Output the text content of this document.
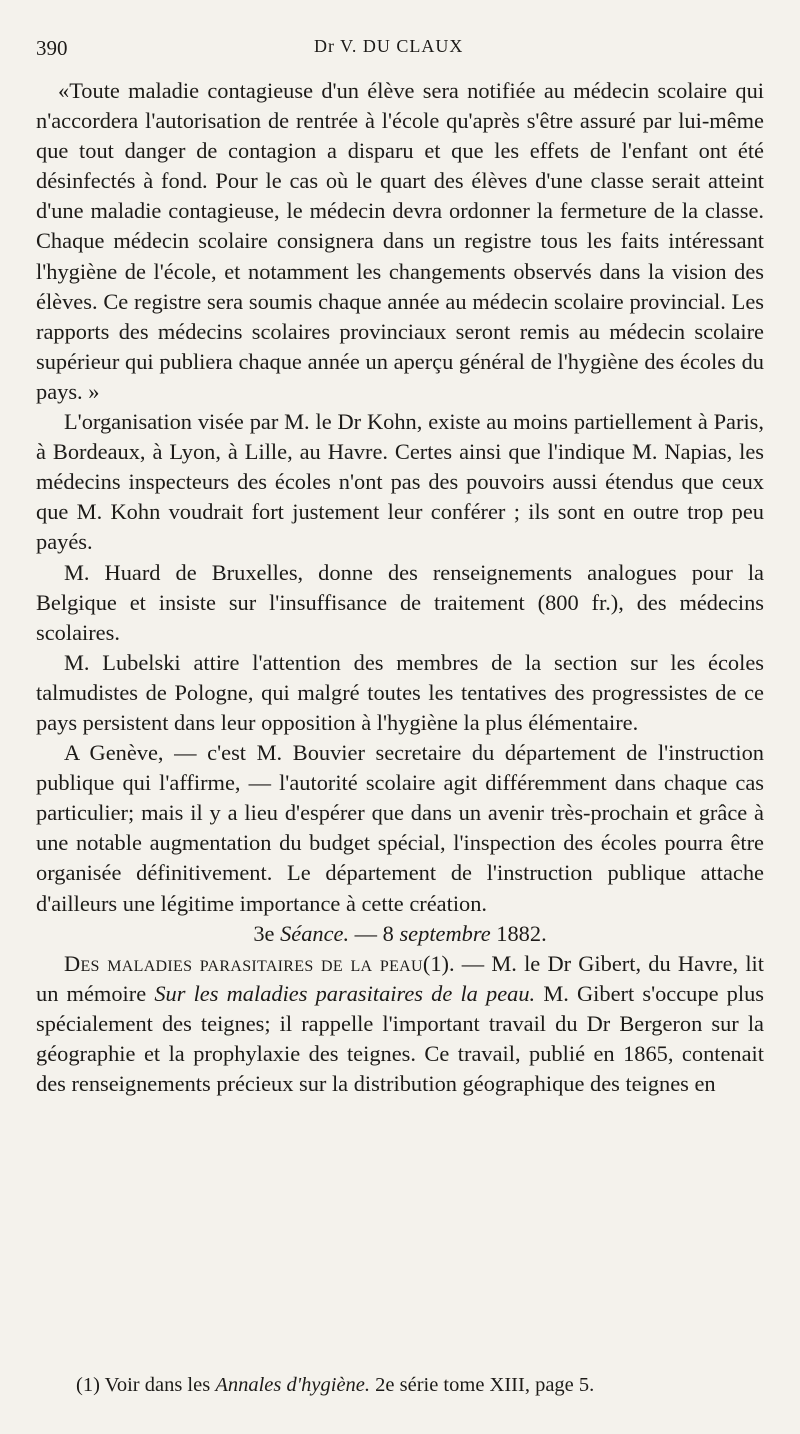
390	Dr V. DU CLAUX

«Toute maladie contagieuse d'un élève sera notifiée au médecin scolaire qui n'accordera l'autorisation de rentrée à l'école qu'après s'être assuré par lui-même que tout danger de contagion a disparu et que les effets de l'enfant ont été désinfectés à fond. Pour le cas où le quart des élèves d'une classe serait atteint d'une maladie contagieuse, le médecin devra ordonner la fermeture de la classe. Chaque médecin scolaire consignera dans un registre tous les faits intéressant l'hygiène de l'école, et notamment les changements observés dans la vision des élèves. Ce registre sera soumis chaque année au médecin scolaire provincial. Les rapports des médecins scolaires provinciaux seront remis au médecin scolaire supérieur qui publiera chaque année un aperçu général de l'hygiène des écoles du pays. »

L'organisation visée par M. le Dr Kohn, existe au moins partiellement à Paris, à Bordeaux, à Lyon, à Lille, au Havre. Certes ainsi que l'indique M. Napias, les médecins inspecteurs des écoles n'ont pas des pouvoirs aussi étendus que ceux que M. Kohn voudrait fort justement leur conférer ; ils sont en outre trop peu payés.

M. Huard de Bruxelles, donne des renseignements analogues pour la Belgique et insiste sur l'insuffisance de traitement (800 fr.), des médecins scolaires.

M. Lubelski attire l'attention des membres de la section sur les écoles talmudistes de Pologne, qui malgré toutes les tentatives des progressistes de ce pays persistent dans leur opposition à l'hygiène la plus élémentaire.

A Genève, — c'est M. Bouvier secretaire du département de l'instruction publique qui l'affirme, — l'autorité scolaire agit différemment dans chaque cas particulier; mais il y a lieu d'espérer que dans un avenir très-prochain et grâce à une notable augmentation du budget spécial, l'inspection des écoles pourra être organisée définitivement. Le département de l'instruction publique attache d'ailleurs une légitime importance à cette création.

3e Séance. — 8 septembre 1882.

Des maladies parasitaires de la peau(1). — M. le Dr Gibert, du Havre, lit un mémoire Sur les maladies parasitaires de la peau. M. Gibert s'occupe plus spécialement des teignes; il rappelle l'important travail du Dr Bergeron sur la géographie et la prophylaxie des teignes. Ce travail, publié en 1865, contenait des renseignements précieux sur la distribution géographique des teignes en

(1) Voir dans les Annales d'hygiène. 2e série tome XIII, page 5.
